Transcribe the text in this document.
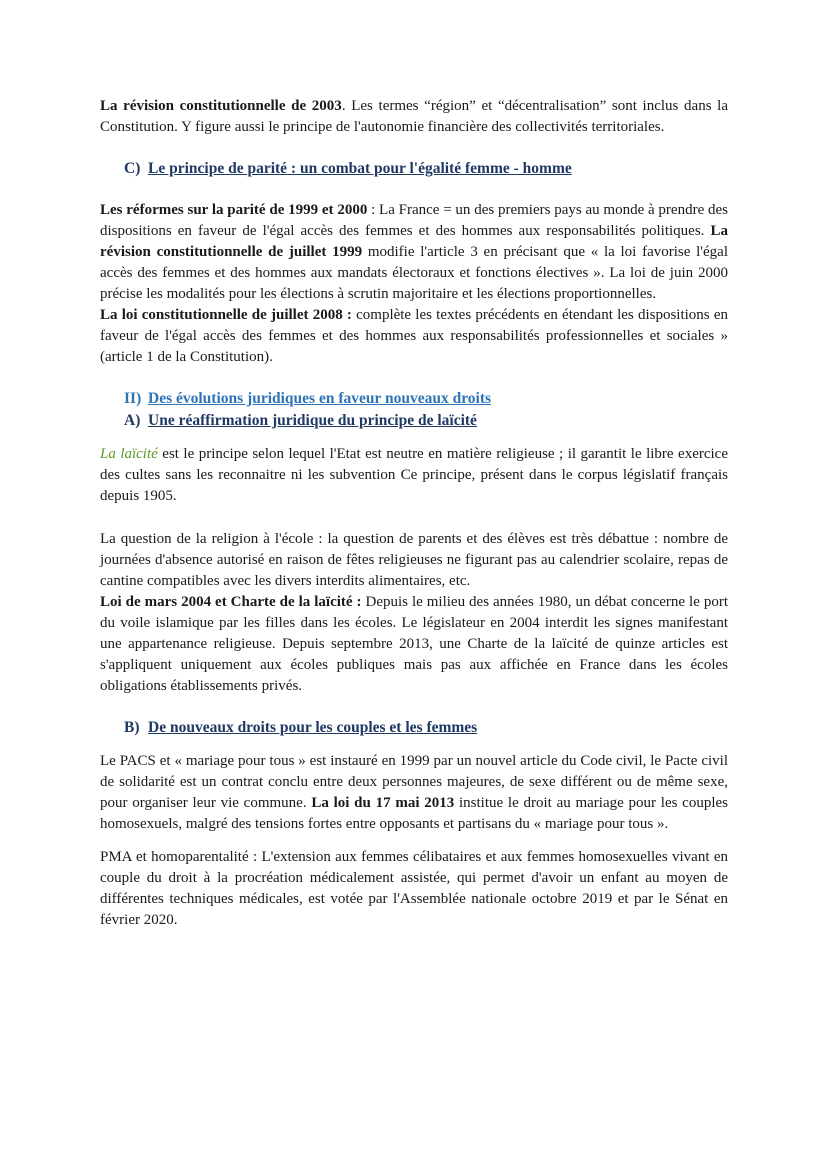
La révision constitutionnelle de 2003. Les termes “région” et “décentralisation” sont inclus dans la Constitution. Y figure aussi le principe de l'autonomie financière des collectivités territoriales.

C) Le principe de parité : un combat pour l'égalité femme - homme

Les réformes sur la parité de 1999 et 2000 : La France = un des premiers pays au monde à prendre des dispositions en faveur de l'égal accès des femmes et des hommes aux responsabilités politiques. La révision constitutionnelle de juillet 1999 modifie l'article 3 en précisant que « la loi favorise l'égal accès des femmes et des hommes aux mandats électoraux et fonctions électives ». La loi de juin 2000 précise les modalités pour les élections à scrutin majoritaire et les élections proportionnelles.

La loi constitutionnelle de juillet 2008 : complète les textes précédents en étendant les dispositions en faveur de l'égal accès des femmes et des hommes aux responsabilités professionnelles et sociales » (article 1 de la Constitution).

II) Des évolutions juridiques en faveur nouveaux droits
A) Une réaffirmation juridique du principe de laïcité

La laïcité est le principe selon lequel l'Etat est neutre en matière religieuse ; il garantit le libre exercice des cultes sans les reconnaitre ni les subvention Ce principe, présent dans le corpus législatif français depuis 1905.

La question de la religion à l'école : la question de parents et des élèves est très débattue : nombre de journées d'absence autorisé en raison de fêtes religieuses ne figurant pas au calendrier scolaire, repas de cantine compatibles avec les divers interdits alimentaires, etc.

Loi de mars 2004 et Charte de la laïcité : Depuis le milieu des années 1980, un débat concerne le port du voile islamique par les filles dans les écoles. Le législateur en 2004 interdit les signes manifestant une appartenance religieuse. Depuis septembre 2013, une Charte de la laïcité de quinze articles est s'appliquent uniquement aux écoles publiques mais pas aux affichée en France dans les écoles obligations établissements privés.

B) De nouveaux droits pour les couples et les femmes

Le PACS et « mariage pour tous » est instauré en 1999 par un nouvel article du Code civil, le Pacte civil de solidarité est un contrat conclu entre deux personnes majeures, de sexe différent ou de même sexe, pour organiser leur vie commune. La loi du 17 mai 2013 institue le droit au mariage pour les couples homosexuels, malgré des tensions fortes entre opposants et partisans du « mariage pour tous ».

PMA et homoparentalité : L'extension aux femmes célibataires et aux femmes homosexuelles vivant en couple du droit à la procréation médicalement assistée, qui permet d'avoir un enfant au moyen de différentes techniques médicales, est votée par l'Assemblée nationale octobre 2019 et par le Sénat en février 2020.
